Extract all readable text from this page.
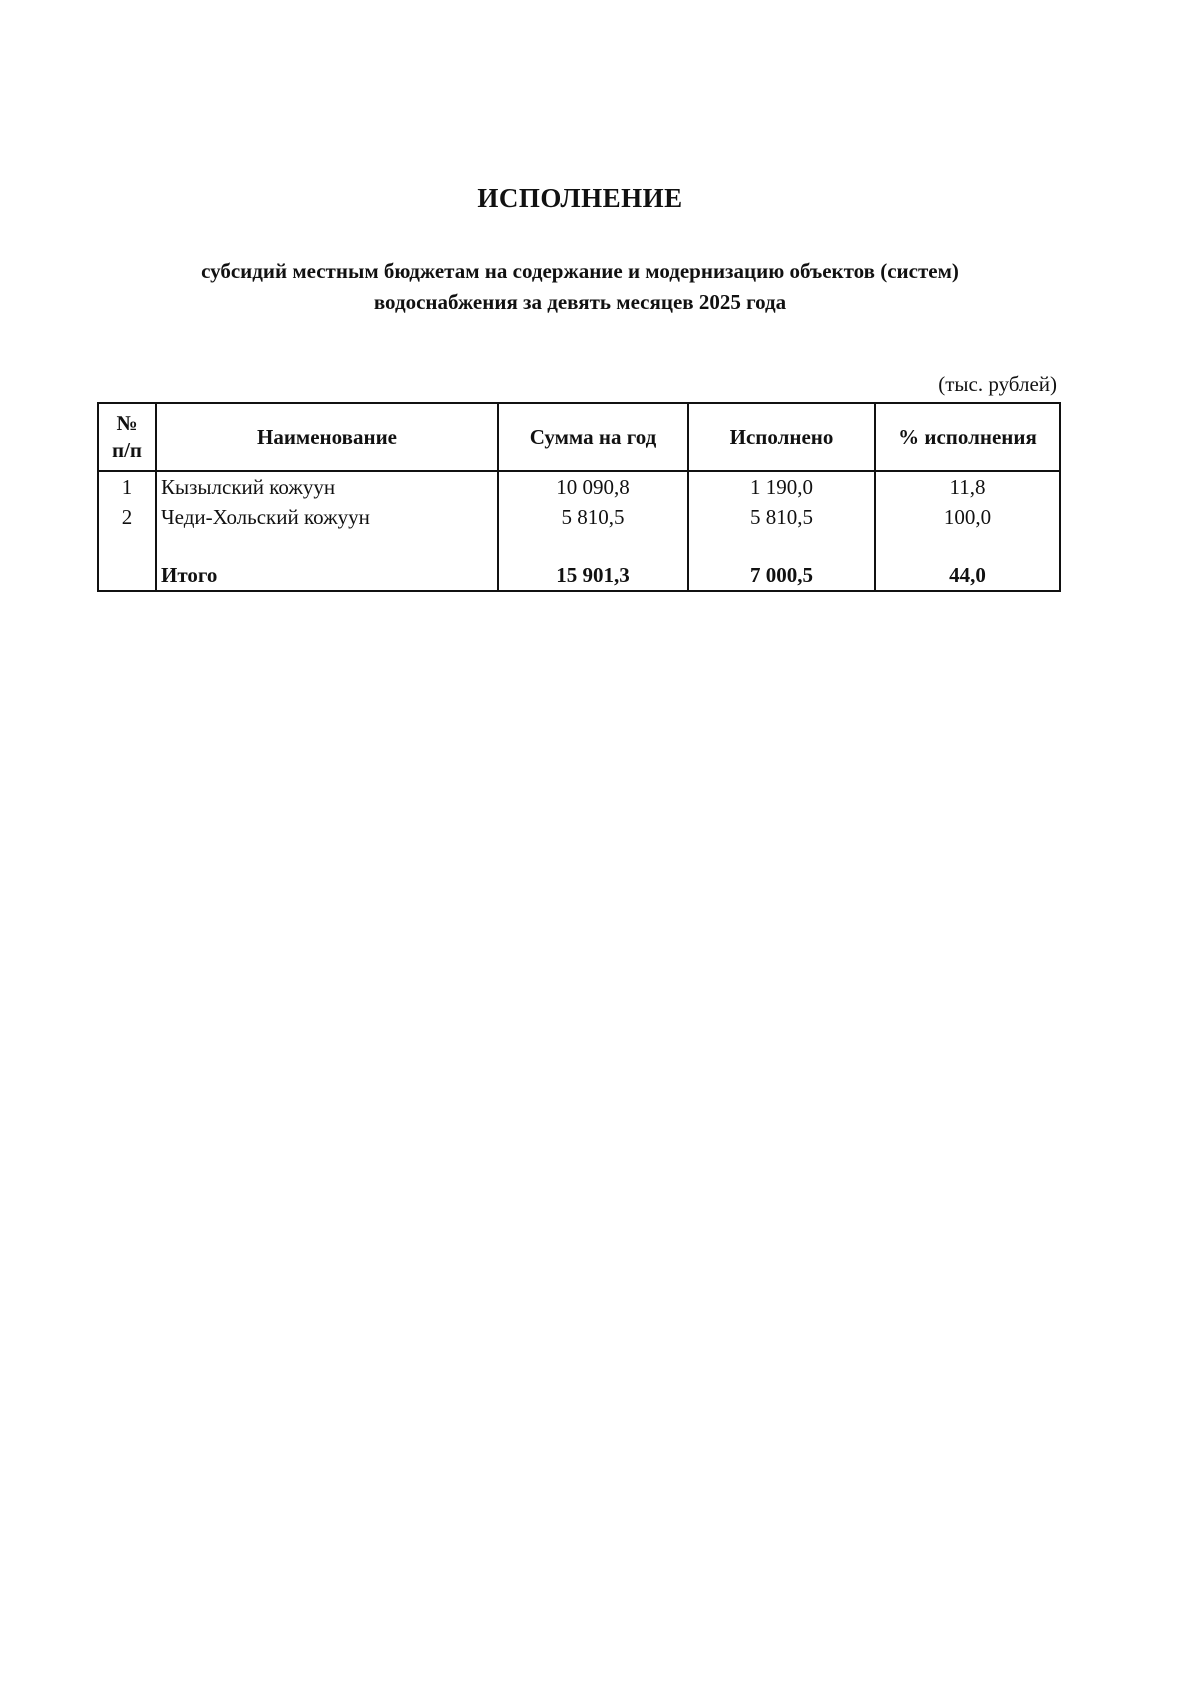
ИСПОЛНЕНИЕ
субсидий местным бюджетам на содержание и модернизацию объектов (систем)
водоснабжения за девять месяцев 2025 года
(тыс. рублей)
№
п/п	Наименование	Сумма на год	Исполнено	% исполнения
1	Кызылский кожуун	10 090,8	1 190,0	11,8
2	Чеди-Хольский кожуун	5 810,5	5 810,5	100,0

	Итого	15 901,3	7 000,5	44,0
